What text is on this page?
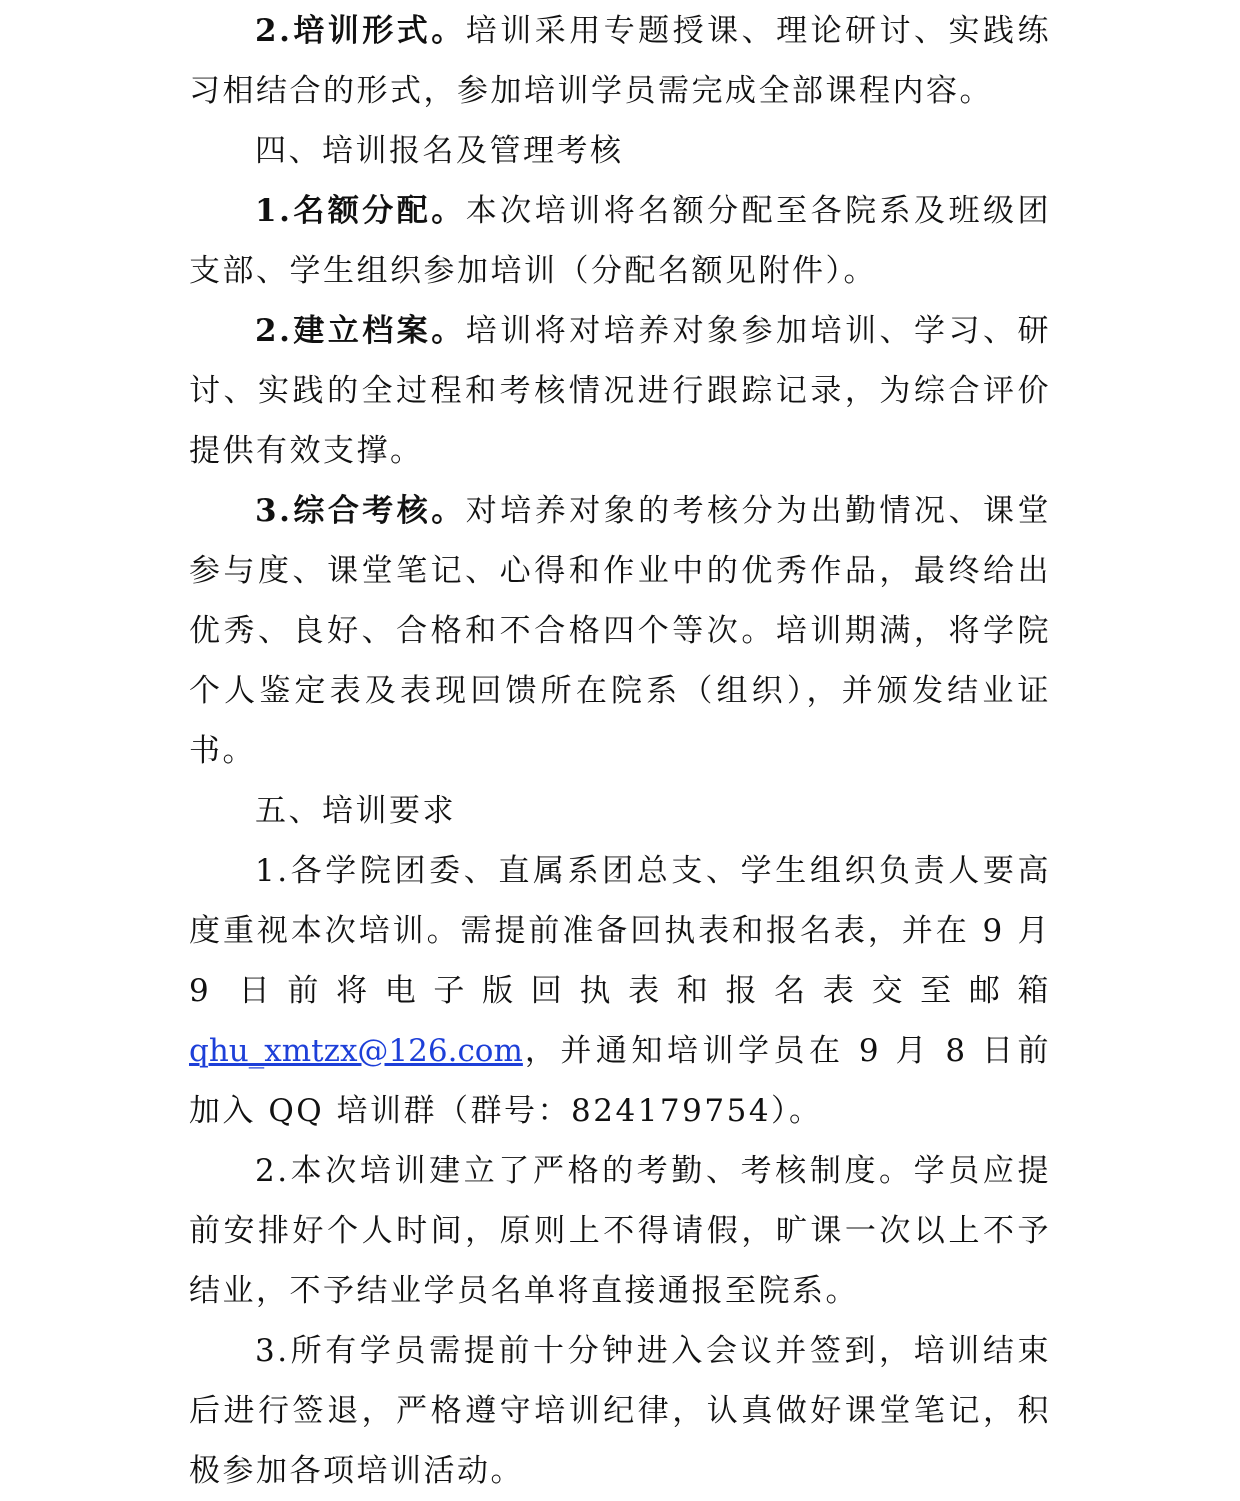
2.培训形式。培训采用专题授课、理论研讨、实践练习相结合的形式，参加培训学员需完成全部课程内容。

四、培训报名及管理考核

1.名额分配。本次培训将名额分配至各院系及班级团支部、学生组织参加培训（分配名额见附件）。

2.建立档案。培训将对培养对象参加培训、学习、研讨、实践的全过程和考核情况进行跟踪记录，为综合评价提供有效支撑。

3.综合考核。对培养对象的考核分为出勤情况、课堂参与度、课堂笔记、心得和作业中的优秀作品，最终给出优秀、良好、合格和不合格四个等次。培训期满，将学院个人鉴定表及表现回馈所在院系（组织），并颁发结业证书。

五、培训要求

1.各学院团委、直属系团总支、学生组织负责人要高度重视本次培训。需提前准备回执表和报名表，并在 9 月 9 日前将电子版回执表和报名表交至邮箱 qhu_xmtzx@126.com，并通知培训学员在 9 月 8 日前加入 QQ 培训群（群号：824179754）。

2.本次培训建立了严格的考勤、考核制度。学员应提前安排好个人时间，原则上不得请假，旷课一次以上不予结业，不予结业学员名单将直接通报至院系。

3.所有学员需提前十分钟进入会议并签到，培训结束后进行签退，严格遵守培训纪律，认真做好课堂笔记，积极参加各项培训活动。
